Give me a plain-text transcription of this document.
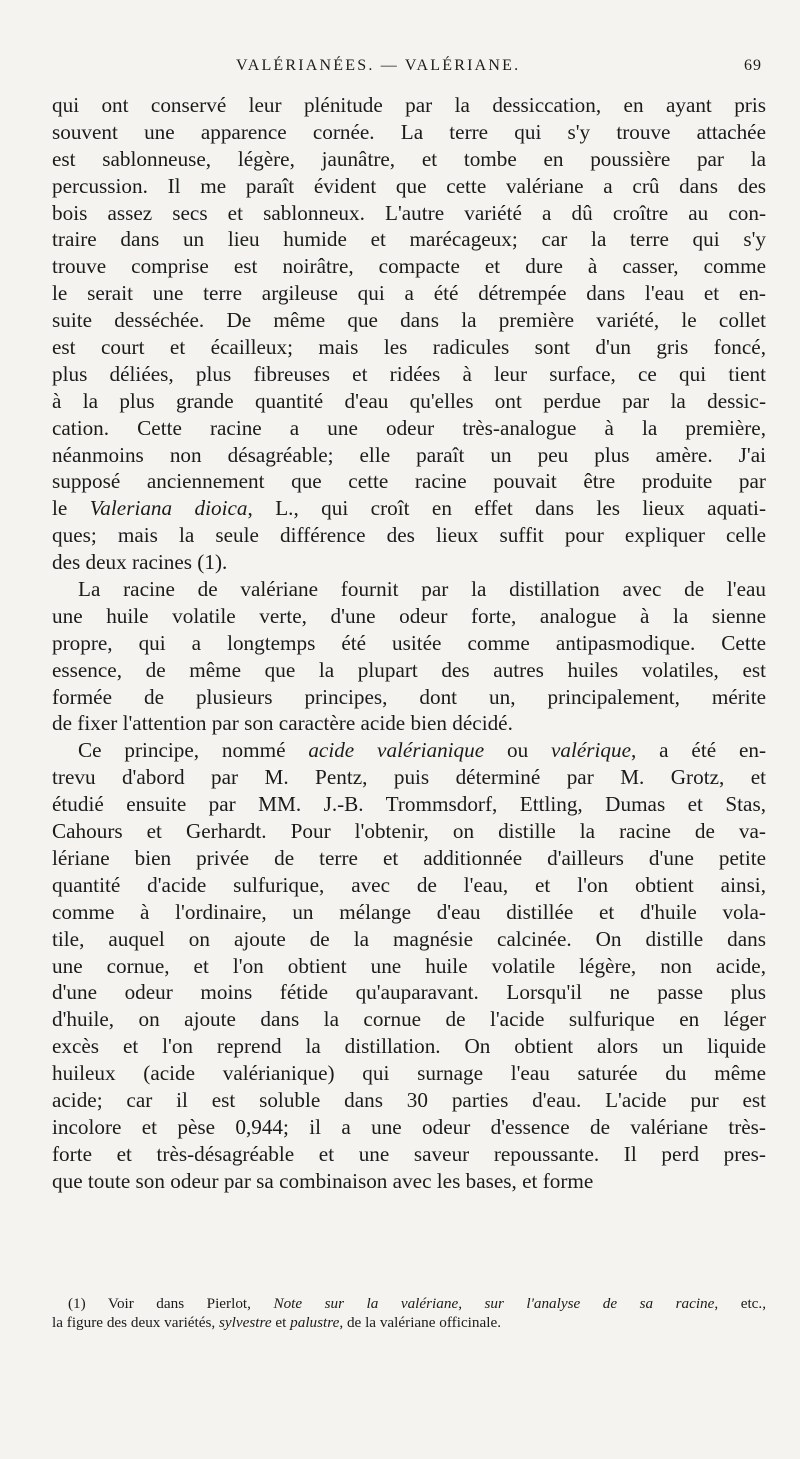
VALÉRIANÉES. — VALÉRIANE.	69
qui ont conservé leur plénitude par la dessiccation, en ayant pris
souvent une apparence cornée. La terre qui s'y trouve attachée
est sablonneuse, légère, jaunâtre, et tombe en poussière par la
percussion. Il me paraît évident que cette valériane a crû dans des
bois assez secs et sablonneux. L'autre variété a dû croître au con-
traire dans un lieu humide et marécageux; car la terre qui s'y
trouve comprise est noirâtre, compacte et dure à casser, comme
le serait une terre argileuse qui a été détrempée dans l'eau et en-
suite desséchée. De même que dans la première variété, le collet
est court et écailleux; mais les radicules sont d'un gris foncé,
plus déliées, plus fibreuses et ridées à leur surface, ce qui tient
à la plus grande quantité d'eau qu'elles ont perdue par la dessic-
cation. Cette racine a une odeur très-analogue à la première,
néanmoins non désagréable; elle paraît un peu plus amère. J'ai
supposé anciennement que cette racine pouvait être produite par
le Valeriana dioica, L., qui croît en effet dans les lieux aquati-
ques; mais la seule différence des lieux suffit pour expliquer celle
des deux racines (1).
La racine de valériane fournit par la distillation avec de l'eau
une huile volatile verte, d'une odeur forte, analogue à la sienne
propre, qui a longtemps été usitée comme antipasmodique. Cette
essence, de même que la plupart des autres huiles volatiles, est
formée de plusieurs principes, dont un, principalement, mérite
de fixer l'attention par son caractère acide bien décidé.
Ce principe, nommé acide valérianique ou valérique, a été en-
trevu d'abord par M. Pentz, puis déterminé par M. Grotz, et
étudié ensuite par MM. J.-B. Trommsdorf, Ettling, Dumas et Stas,
Cahours et Gerhardt. Pour l'obtenir, on distille la racine de va-
lériane bien privée de terre et additionnée d'ailleurs d'une petite
quantité d'acide sulfurique, avec de l'eau, et l'on obtient ainsi,
comme à l'ordinaire, un mélange d'eau distillée et d'huile vola-
tile, auquel on ajoute de la magnésie calcinée. On distille dans
une cornue, et l'on obtient une huile volatile légère, non acide,
d'une odeur moins fétide qu'auparavant. Lorsqu'il ne passe plus
d'huile, on ajoute dans la cornue de l'acide sulfurique en léger
excès et l'on reprend la distillation. On obtient alors un liquide
huileux (acide valérianique) qui surnage l'eau saturée du même
acide; car il est soluble dans 30 parties d'eau. L'acide pur est
incolore et pèse 0,944; il a une odeur d'essence de valériane très-
forte et très-désagréable et une saveur repoussante. Il perd pres-
que toute son odeur par sa combinaison avec les bases, et forme
(1) Voir dans Pierlot, Note sur la valériane, sur l'analyse de sa racine, etc.,
la figure des deux variétés, sylvestre et palustre, de la valériane officinale.
